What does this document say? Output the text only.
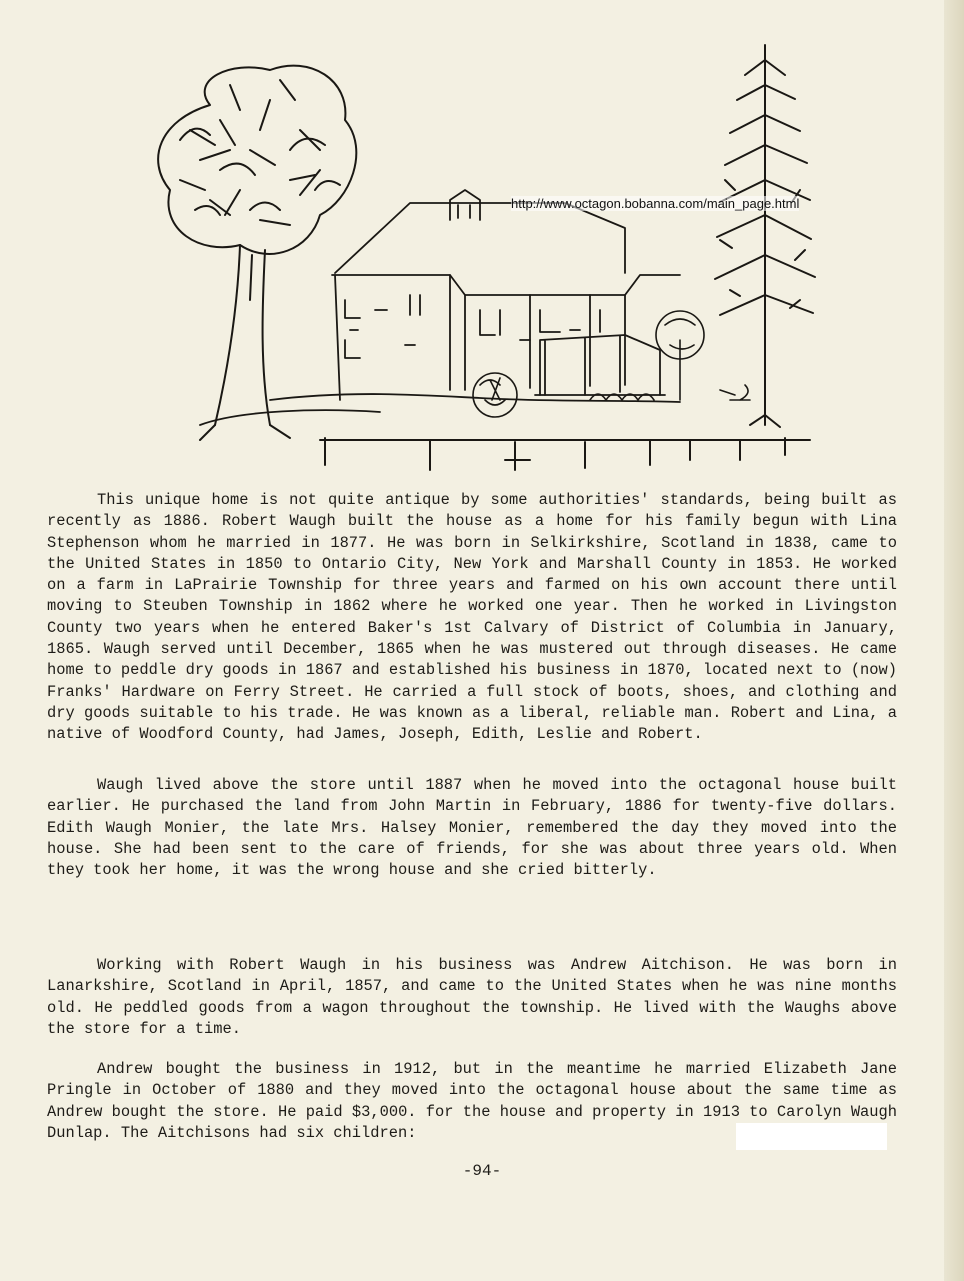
http://www.octagon.bobanna.com/main_page.html

This unique home is not quite antique by some authorities' standards, being built as recently as 1886. Robert Waugh built the house as a home for his family begun with Lina Stephenson whom he married in 1877. He was born in Selkirkshire, Scotland in 1838, came to the United States in 1850 to Ontario City, New York and Marshall County in 1853. He worked on a farm in LaPrairie Township for three years and farmed on his own account there until moving to Steuben Township in 1862 where he worked one year. Then he worked in Livingston County two years when he entered Baker's 1st Calvary of District of Columbia in January, 1865. Waugh served until December, 1865 when he was mustered out through diseases. He came home to peddle dry goods in 1867 and established his business in 1870, located next to (now) Franks' Hardware on Ferry Street. He carried a full stock of boots, shoes, and clothing and dry goods suitable to his trade. He was known as a liberal, reliable man. Robert and Lina, a native of Woodford County, had James, Joseph, Edith, Leslie and Robert.

Waugh lived above the store until 1887 when he moved into the octagonal house built earlier. He purchased the land from John Martin in February, 1886 for twenty-five dollars. Edith Waugh Monier, the late Mrs. Halsey Monier, remembered the day they moved into the house. She had been sent to the care of friends, for she was about three years old. When they took her home, it was the wrong house and she cried bitterly.

Working with Robert Waugh in his business was Andrew Aitchison. He was born in Lanarkshire, Scotland in April, 1857, and came to the United States when he was nine months old. He peddled goods from a wagon throughout the township. He lived with the Waughs above the store for a time.

Andrew bought the business in 1912, but in the meantime he married Elizabeth Jane Pringle in October of 1880 and they moved into the octagonal house about the same time as Andrew bought the store. He paid $3,000. for the house and property in 1913 to Carolyn Waugh Dunlap. The Aitchisons had six children:

-94-
